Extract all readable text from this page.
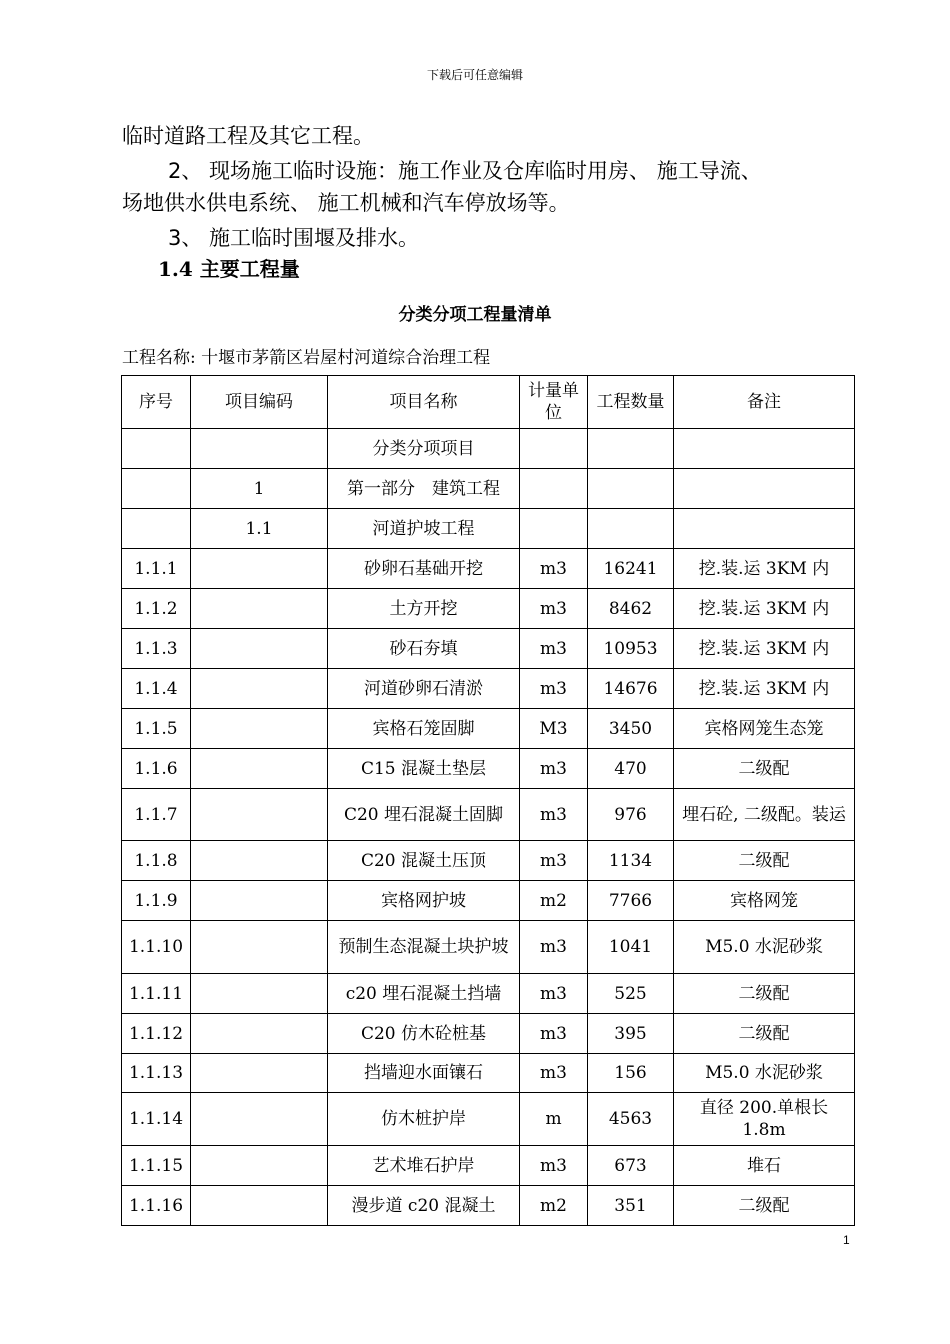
下载后可任意编辑
临时道路工程及其它工程。
2、 现场施工临时设施：施工作业及仓库临时用房、 施工导流、
场地供水供电系统、 施工机械和汽车停放场等。
3、 施工临时围堰及排水。
1.4 主要工程量
分类分项工程量清单
工程名称: 十堰市茅箭区岩屋村河道综合治理工程
序号	项目编码	项目名称	计量单位	工程数量	备注
		分类分项项目			
	1	第一部分　建筑工程			
	1.1	河道护坡工程			
1.1.1		砂卵石基础开挖	m3	16241	挖.装.运 3KM 内
1.1.2		土方开挖	m3	8462	挖.装.运 3KM 内
1.1.3		砂石夯填	m3	10953	挖.装.运 3KM 内
1.1.4		河道砂卵石清淤	m3	14676	挖.装.运 3KM 内
1.1.5		宾格石笼固脚	M3	3450	宾格网笼生态笼
1.1.6		C15 混凝土垫层	m3	470	二级配
1.1.7		C20 埋石混凝土固脚	m3	976	埋石砼, 二级配。装运
1.1.8		C20 混凝土压顶	m3	1134	二级配
1.1.9		宾格网护坡	m2	7766	宾格网笼
1.1.10		预制生态混凝土块护坡	m3	1041	M5.0 水泥砂浆
1.1.11		c20 埋石混凝土挡墙	m3	525	二级配
1.1.12		C20 仿木砼桩基	m3	395	二级配
1.1.13		挡墙迎水面镶石	m3	156	M5.0 水泥砂浆
1.1.14		仿木桩护岸	m	4563	直径 200.单根长 1.8m
1.1.15		艺术堆石护岸	m3	673	堆石
1.1.16		漫步道 c20 混凝土	m2	351	二级配
1
